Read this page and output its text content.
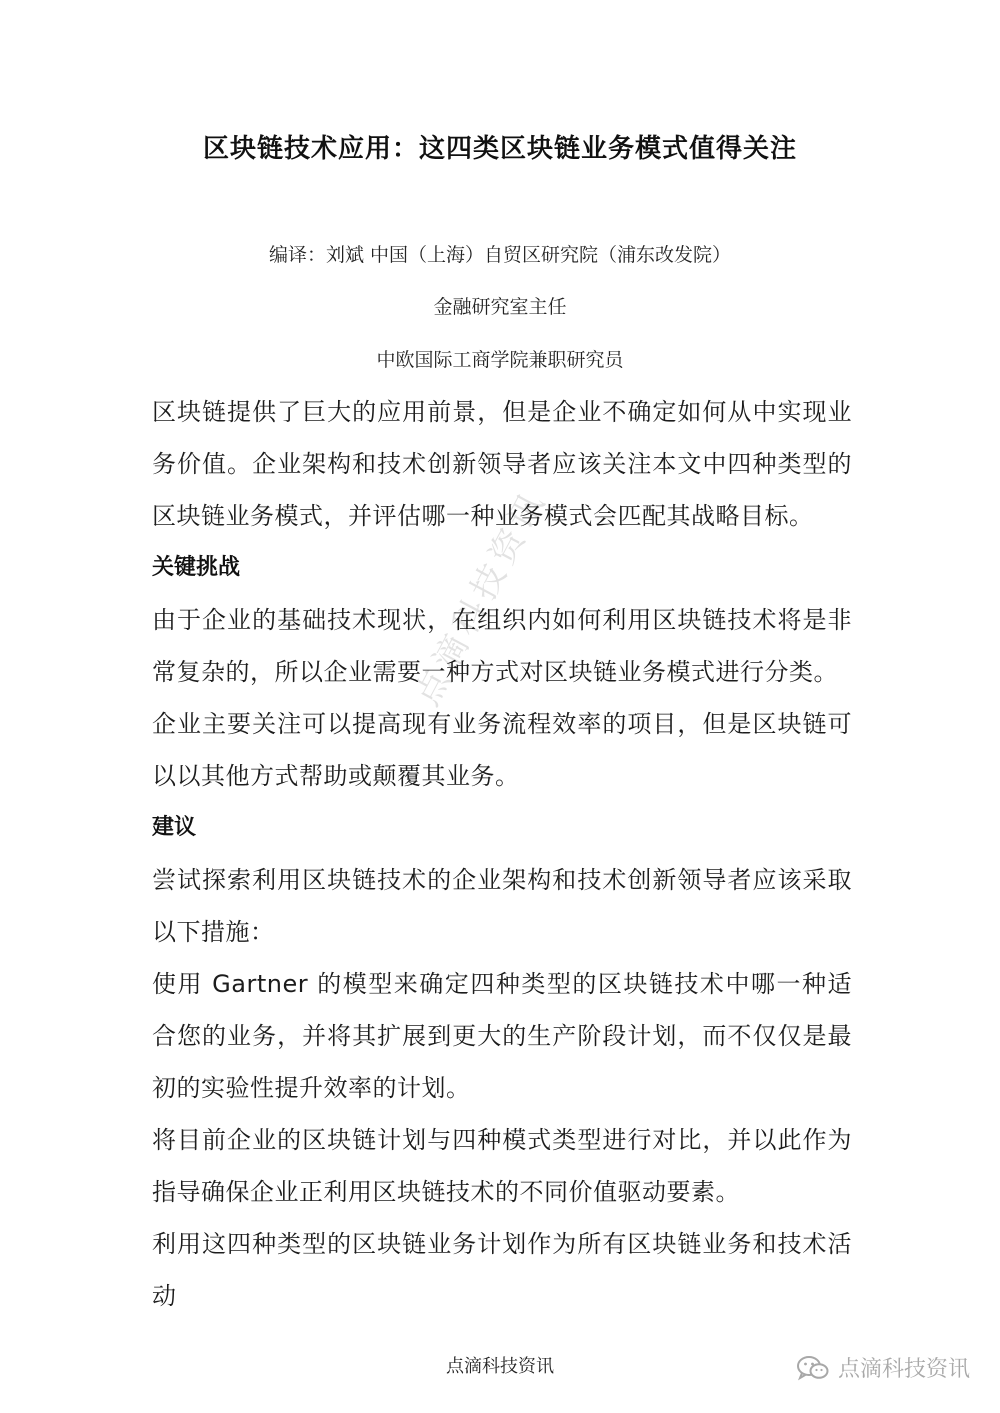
区块链技术应用：这四类区块链业务模式值得关注
编译：刘斌 中国（上海）自贸区研究院（浦东改发院）
金融研究室主任
中欧国际工商学院兼职研究员
点滴科技资讯

区块链提供了巨大的应用前景，但是企业不确定如何从中实现业务价值。企业架构和技术创新领导者应该关注本文中四种类型的区块链业务模式，并评估哪一种业务模式会匹配其战略目标。

关键挑战

由于企业的基础技术现状，在组织内如何利用区块链技术将是非常复杂的，所以企业需要一种方式对区块链业务模式进行分类。

企业主要关注可以提高现有业务流程效率的项目，但是区块链可以以其他方式帮助或颠覆其业务。

建议

尝试探索利用区块链技术的企业架构和技术创新领导者应该采取以下措施：

使用 Gartner 的模型来确定四种类型的区块链技术中哪一种适合您的业务，并将其扩展到更大的生产阶段计划，而不仅仅是最初的实验性提升效率的计划。

将目前企业的区块链计划与四种模式类型进行对比，并以此作为指导确保企业正利用区块链技术的不同价值驱动要素。

利用这四种类型的区块链业务计划作为所有区块链业务和技术活动

点滴科技资讯	点滴科技资讯
